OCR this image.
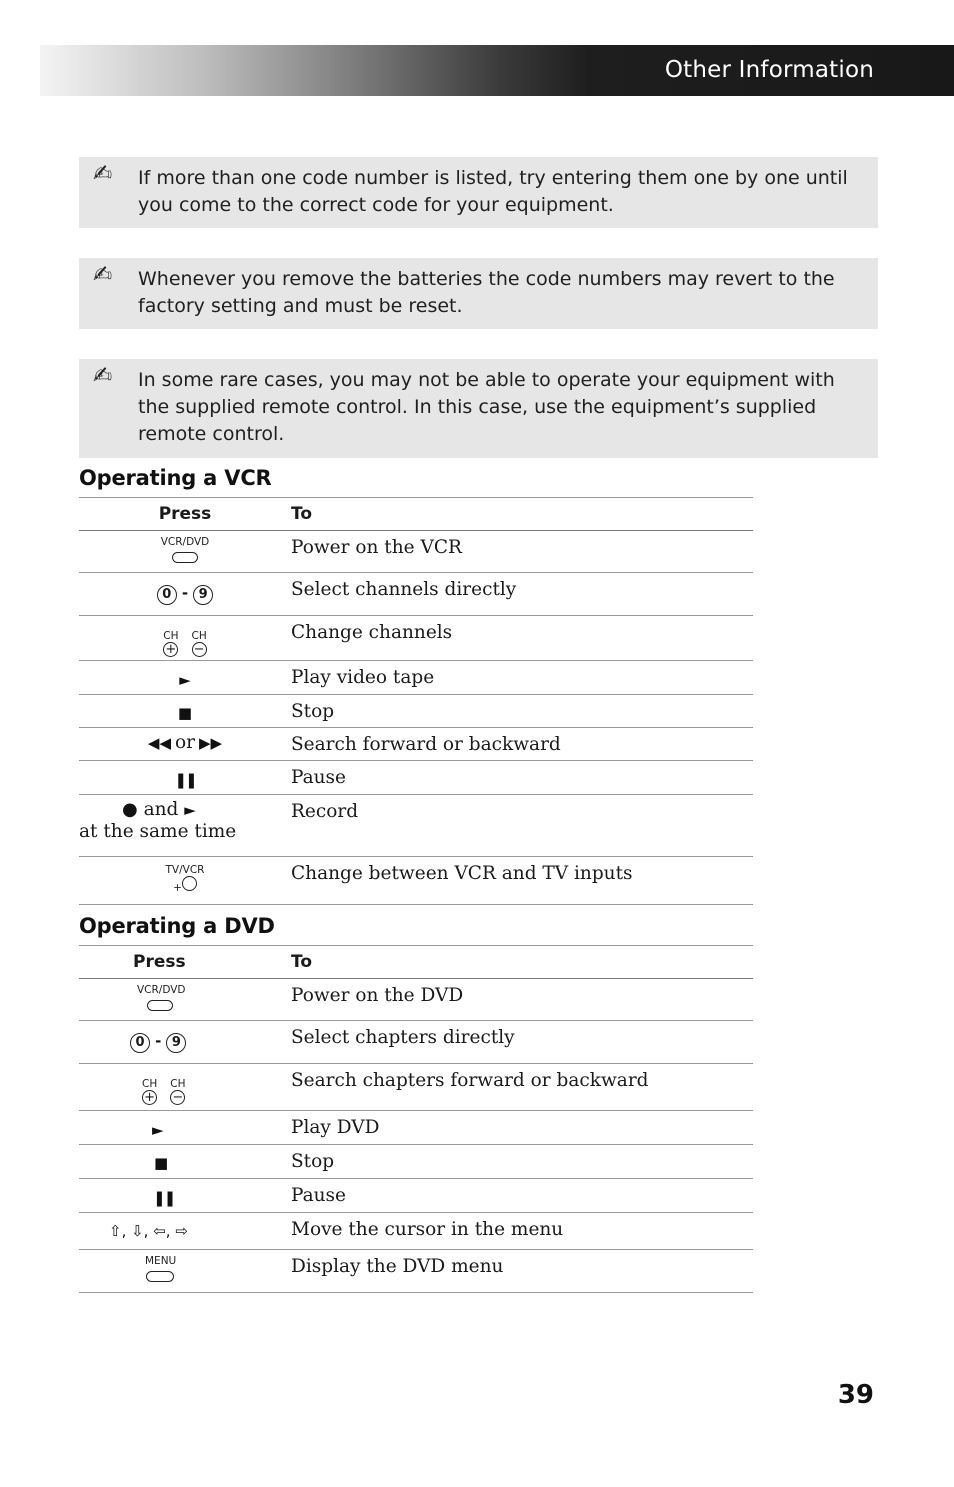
Other Information
✍ If more than one code number is listed, try entering them one by one until you come to the correct code for your equipment.
✍ Whenever you remove the batteries the code numbers may revert to the factory setting and must be reset.
✍ In some rare cases, you may not be able to operate your equipment with the supplied remote control. In this case, use the equipment’s supplied remote control.
Operating a VCR
Press	To

VCR/DVD	Power on the VCR
0 - 9	Select channels directly

CH
+
CH
−	Change channels
►	Play video tape
■	Stop
◀◀ or ▶▶	Search forward or backward
❚❚	Pause

● and ►
at the same time	Record

TV/VCR
+	Change between VCR and TV inputs
Operating a DVD
Press	To

VCR/DVD	Power on the DVD
0 - 9	Select chapters directly

CH
+
CH
−	Search chapters forward or backward
►	Play DVD
■	Stop
❚❚	Pause
⇧, ⇩, ⇦, ⇨	Move the cursor in the menu

MENU	Display the DVD menu
39
